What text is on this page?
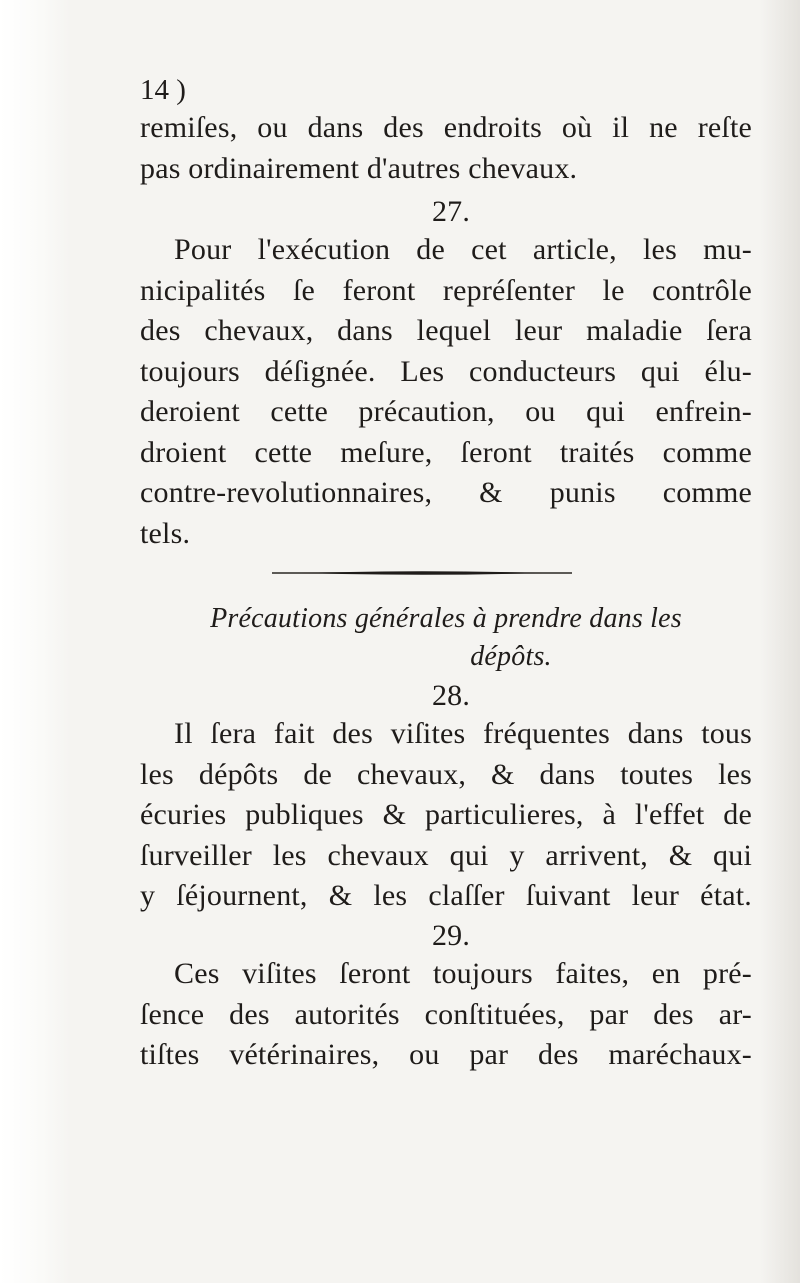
14 )
remiſes, ou dans des endroits où il ne reſte
pas ordinairement d'autres chevaux.
27.
Pour l'exécution de cet article, les mu-
nicipalités ſe feront repréſenter le contrôle
des chevaux, dans lequel leur maladie ſera
toujours déſignée. Les conducteurs qui élu-
deroient cette précaution, ou qui enfrein-
droient cette meſure, ſeront traités comme
contre-revolutionnaires, & punis comme
tels.
Précautions générales à prendre dans les
dépôts.
28.
Il ſera fait des viſites fréquentes dans tous
les dépôts de chevaux, & dans toutes les
écuries publiques & particulieres, à l'effet de
ſurveiller les chevaux qui y arrivent, & qui
y ſéjournent, & les claſſer ſuivant leur état.
29.
Ces viſites ſeront toujours faites, en pré-
ſence des autorités conſtituées, par des ar-
tiſtes vétérinaires, ou par des maréchaux-
